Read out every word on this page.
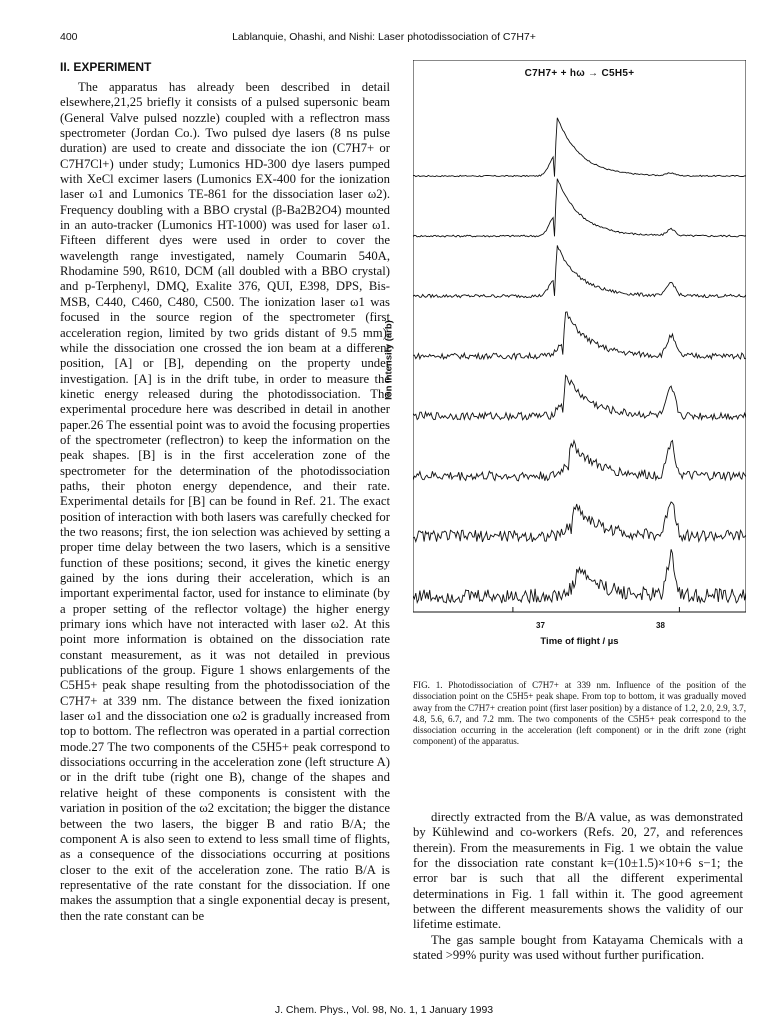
400	Lablanquie, Ohashi, and Nishi: Laser photodissociation of C7H7+
II. EXPERIMENT

The apparatus has already been described in detail elsewhere,21,25 briefly it consists of a pulsed supersonic beam (General Valve pulsed nozzle) coupled with a reflectron mass spectrometer (Jordan Co.). Two pulsed dye lasers (8 ns pulse duration) are used to create and dissociate the ion (C7H7+ or C7H7Cl+) under study; Lumonics HD-300 dye lasers pumped with XeCl excimer lasers (Lumonics EX-400 for the ionization laser ω1 and Lumonics TE-861 for the dissociation laser ω2). Frequency doubling with a BBO crystal (β-Ba2B2O4) mounted in an auto-tracker (Lumonics HT-1000) was used for laser ω1. Fifteen different dyes were used in order to cover the wavelength range investigated, namely Coumarin 540A, Rhodamine 590, R610, DCM (all doubled with a BBO crystal) and p-Terphenyl, DMQ, Exalite 376, QUI, E398, DPS, Bis-MSB, C440, C460, C480, C500. The ionization laser ω1 was focused in the source region of the spectrometer (first acceleration region, limited by two grids distant of 9.5 mm), while the dissociation one crossed the ion beam at a different position, [A] or [B], depending on the property under investigation. [A] is in the drift tube, in order to measure the kinetic energy released during the photodissociation. The experimental procedure here was described in detail in another paper.26 The essential point was to avoid the focusing properties of the spectrometer (reflectron) to keep the information on the peak shapes. [B] is in the first acceleration zone of the spectrometer for the determination of the photodissociation paths, their photon energy dependence, and their rate. Experimental details for [B] can be found in Ref. 21. The exact position of interaction with both lasers was carefully checked for the two reasons; first, the ion selection was achieved by setting a proper time delay between the two lasers, which is a sensitive function of these positions; second, it gives the kinetic energy gained by the ions during their acceleration, which is an important experimental factor, used for instance to eliminate (by a proper setting of the reflector voltage) the higher energy primary ions which have not interacted with laser ω2. At this point more information is obtained on the dissociation rate constant measurement, as it was not detailed in previous publications of the group. Figure 1 shows enlargements of the C5H5+ peak shape resulting from the photodissociation of the C7H7+ at 339 nm. The distance between the fixed ionization laser ω1 and the dissociation one ω2 is gradually increased from top to bottom. The reflectron was operated in a partial correction mode.27 The two components of the C5H5+ peak correspond to dissociations occurring in the acceleration zone (left structure A) or in the drift tube (right one B), change of the shapes and relative height of these components is consistent with the variation in position of the ω2 excitation; the bigger the distance between the two lasers, the bigger B and ratio B/A; the component A is also seen to extend to less small time of flights, as a consequence of the dissociations occurring at positions closer to the exit of the acceleration zone. The ratio B/A is representative of the rate constant for the dissociation. If one makes the assumption that a single exponential decay is present, then the rate constant can be

C7H7+ + hω → C5H5+
Ion Intensity (arb)
37	38
Time of flight / µs
FIG. 1. Photodissociation of C7H7+ at 339 nm. Influence of the position of the dissociation point on the C5H5+ peak shape. From top to bottom, it was gradually moved away from the C7H7+ creation point (first laser position) by a distance of 1.2, 2.0, 2.9, 3.7, 4.8, 5.6, 6.7, and 7.2 mm. The two components of the C5H5+ peak correspond to the dissociation occurring in the acceleration (left component) or in the drift zone (right component) of the apparatus.

directly extracted from the B/A value, as was demonstrated by Kühlewind and co-workers (Refs. 20, 27, and references therein). From the measurements in Fig. 1 we obtain the value for the dissociation rate constant k=(10±1.5)×10+6 s−1; the error bar is such that all the different experimental determinations in Fig. 1 fall within it. The good agreement between the different measurements shows the validity of our lifetime estimate.

The gas sample bought from Katayama Chemicals with a stated >99% purity was used without further purification.

J. Chem. Phys., Vol. 98, No. 1, 1 January 1993
